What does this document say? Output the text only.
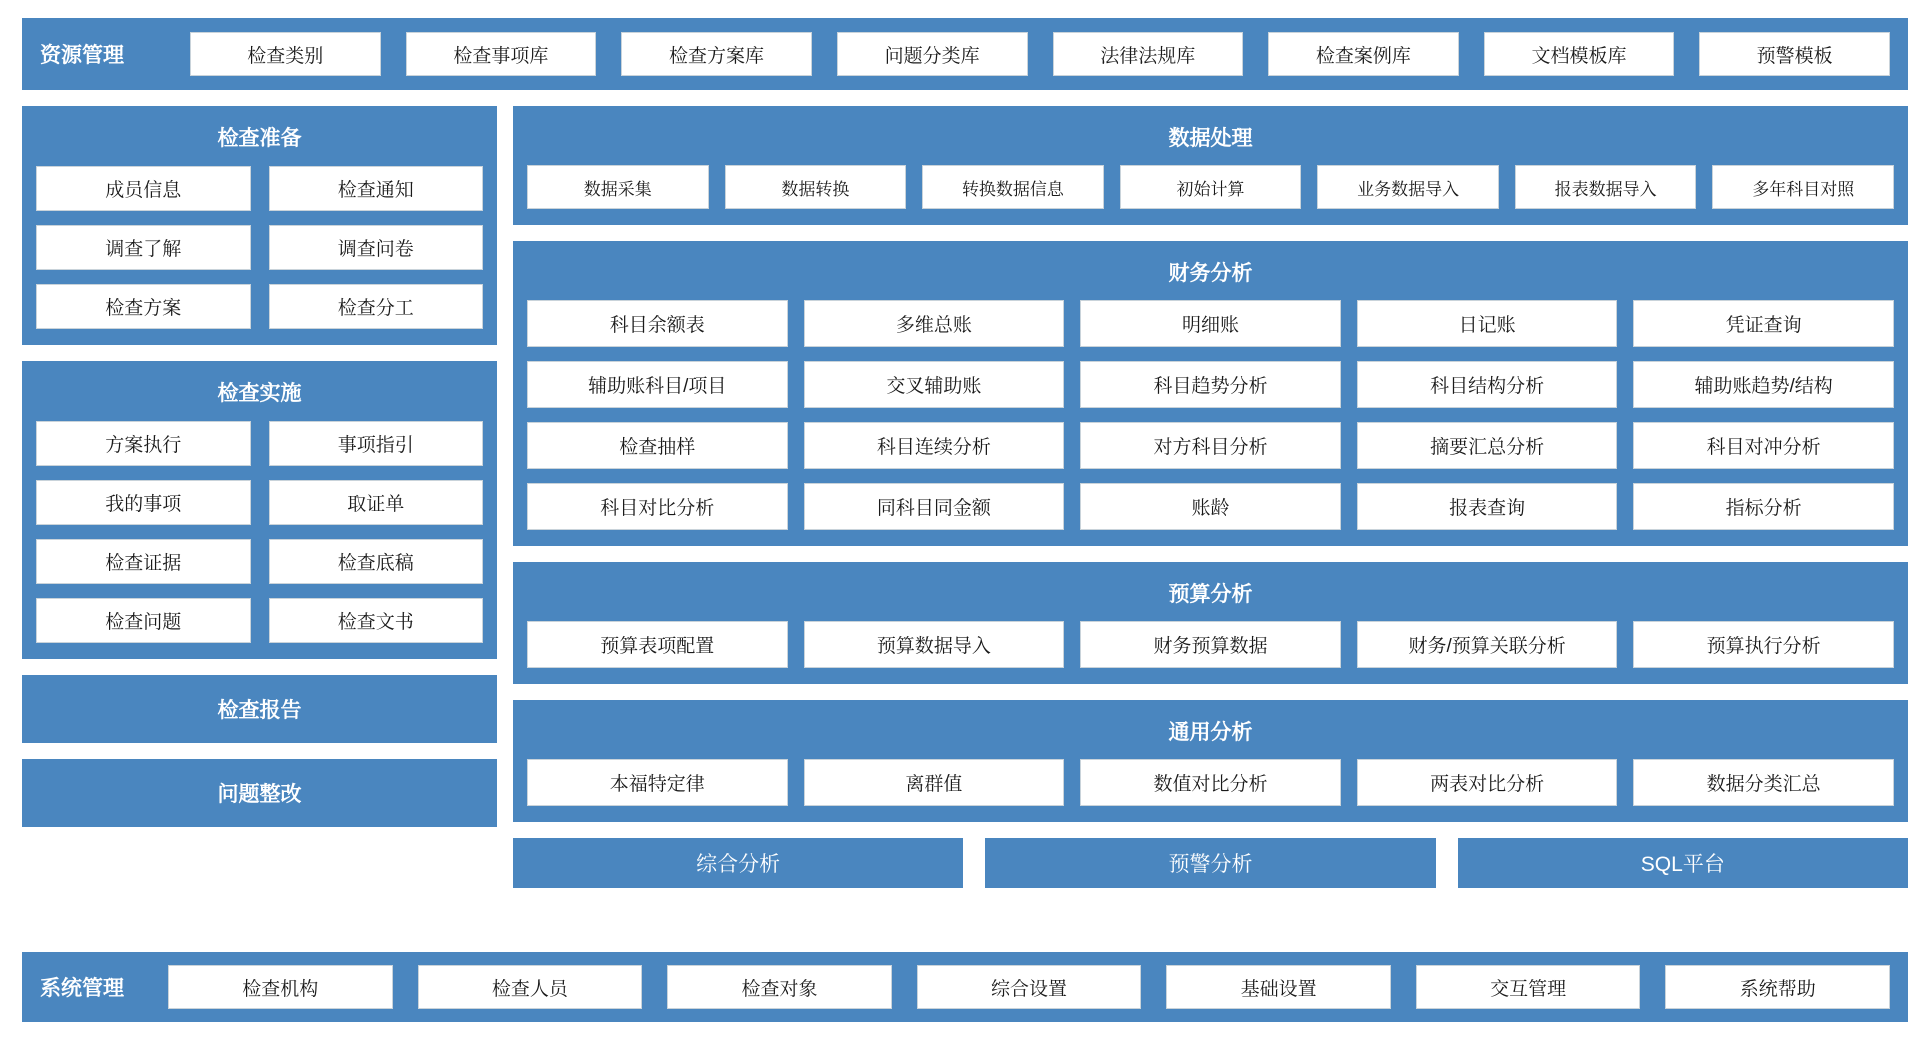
资源管理	检查类别	检查事项库	检查方案库	问题分类库	法律法规库	检查案例库	文档模板库	预警模板
检查准备
成员信息	检查通知
调查了解	调查问卷
检查方案	检查分工
检查实施
方案执行	事项指引
我的事项	取证单
检查证据	检查底稿
检查问题	检查文书
检查报告
问题整改
数据处理
数据采集	数据转换	转换数据信息	初始计算	业务数据导入	报表数据导入	多年科目对照
财务分析
科目余额表	多维总账	明细账	日记账	凭证查询
辅助账科目/项目	交叉辅助账	科目趋势分析	科目结构分析	辅助账趋势/结构
检查抽样	科目连续分析	对方科目分析	摘要汇总分析	科目对冲分析
科目对比分析	同科目同金额	账龄	报表查询	指标分析
预算分析
预算表项配置	预算数据导入	财务预算数据	财务/预算关联分析	预算执行分析
通用分析
本福特定律	离群值	数值对比分析	两表对比分析	数据分类汇总
综合分析	预警分析	SQL平台
系统管理	检查机构	检查人员	检查对象	综合设置	基础设置	交互管理	系统帮助
